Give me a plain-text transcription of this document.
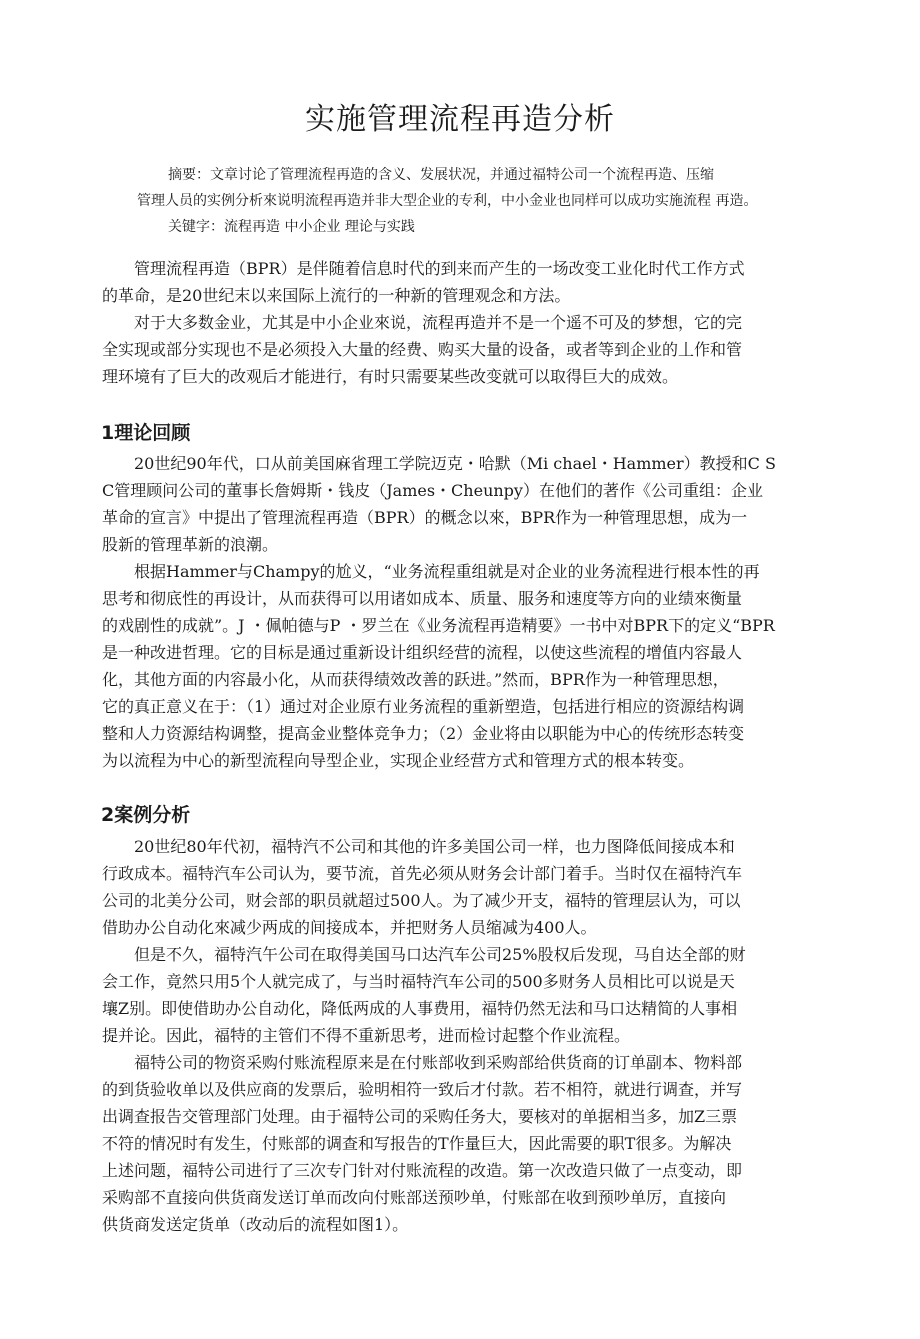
实施管理流程再造分析

摘要：文章讨论了管理流程再造的含义、发展状况，并通过福特公司一个流程再造、压缩

管理人员的实例分析來说明流程再造并非大型企业的专利，中小金业也同样可以成功实施流程 再造。

关键字：流程再造 中小企业 理论与实践

　　管理流程再造（BPR）是伴随着信息时代的到来而产生的一场改变工业化时代工作方式

的革命，是20世纪末以来国际上流行的一种新的管理观念和方法。

　　对于大多数金业，尤其是中小企业來说，流程再造并不是一个遥不可及的梦想，它的完

全实现或部分实现也不是必须投入大量的经费、购买大量的设备，或者等到企业的丄作和管

理环境有了巨大的改观后才能进行，有时只需要某些改变就可以取得巨大的成效。

1理论回顾

　　20世纪90年代，口从前美国麻省理工学院迈克・哈默（Mi chael・Hammer）教授和C S

C管理顾问公司的董事长詹姆斯・钱皮（James・Cheunpy）在他们的著作《公司重组：企业

革命的宣言》中提出了管理流程再造（BPR）的概念以來，BPR作为一种管理思想，成为一

股新的管理革新的浪潮。

　　根据Hammer与Champy的尬义，“业务流程重组就是对企业的业务流程进行根本性的再

思考和彻底性的再设计，从而获得可以用诸如成本、质量、服务和速度等方向的业绩來衡量

的戏剧性的成就”。J ・佩帕德与P ・罗兰在《业务流程再造精要》一书中对BPR下的定义“BPR

是一种改进哲理。它的目标是通过重新设计组织经营的流程，以使这些流程的增值内容最人

化，其他方面的内容最小化，从而获得绩效改善的跃进。”然而，BPR作为一种管理思想，

它的真正意义在于：（1）通过对企业原冇业务流程的重新塑造，包括进行相应的资源结构调

整和人力资源结构调整，提高金业整体竞争力；（2）金业将由以职能为中心的传统形态转变

为以流程为中心的新型流程向导型企业，实现企业经营方式和管理方式的根本转变。

2案例分析

　　20世纪80年代初，福特汽不公司和其他的许多美国公司一样，也力图降低间接成本和

行政成本。福特汽车公司认为，要节流，首先必须从财务会计部门着手。当时仅在福特汽车

公司的北美分公司，财会部的职员就超过500人。为了减少开支，福特的管理层认为，可以

借助办公自动化來减少两成的间接成本，并把财务人员缩减为400人。

　　但是不久，福特汽午公司在取得美国马口达汽车公司25%股权后发现，马自达全部的财

会工作，竟然只用5个人就完成了，与当时福特汽车公司的500多财务人员相比可以说是天

壤Z别。即使借助办公自动化，降低两成的人事费用，福特仍然无法和马口达精简的人事相

提并论。因此，福特的主管们不得不重新思考，进而检讨起整个作业流程。

　　福特公司的物资采购付账流程原来是在付账部收到采购部给供货商的订单副本、物料部

的到货验收单以及供应商的发票后，验明相符一致后才付款。若不相符，就进行调查，并写

出调查报告交管理部门处理。由于福特公司的采购任务大，要核对的单据相当多，加Z三票

不符的情况时有发生，付账部的调查和写报告的T作量巨大，因此需要的职T很多。为解决

上述问题，福特公司进行了三次专门针对付账流程的改造。第一次改造只做了一点变动，即

采购部不直接向供货商发送订单而改向付账部送预吵单，付账部在收到预吵单厉，直接向

供货商发送定货单（改动后的流程如图1）。
